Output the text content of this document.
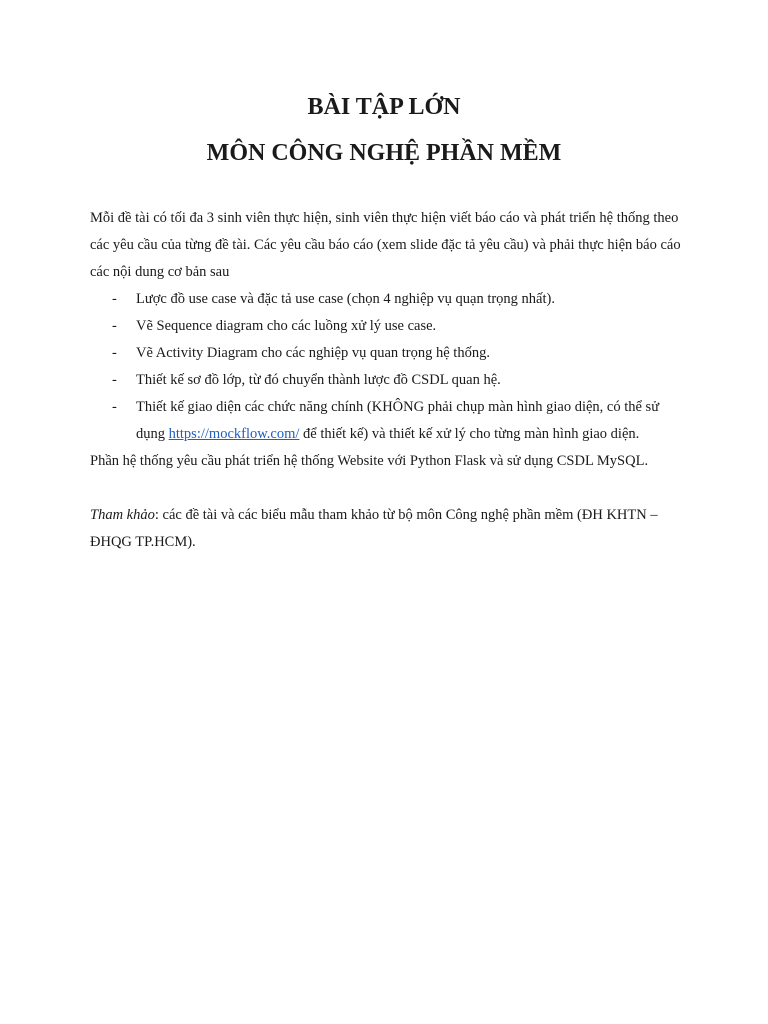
BÀI TẬP LỚN
MÔN CÔNG NGHỆ PHẦN MỀM

Mỗi đề tài có tối đa 3 sinh viên thực hiện, sinh viên thực hiện viết báo cáo và phát triển hệ thống theo các yêu cầu của từng đề tài. Các yêu cầu báo cáo (xem slide đặc tả yêu cầu) và phải thực hiện báo cáo các nội dung cơ bản sau

- Lược đồ use case và đặc tả use case (chọn 4 nghiệp vụ quạn trọng nhất).
- Vẽ Sequence diagram cho các luồng xử lý use case.
- Vẽ Activity Diagram cho các nghiệp vụ quan trọng hệ thống.
- Thiết kế sơ đồ lớp, từ đó chuyển thành lược đồ CSDL quan hệ.
- Thiết kế giao diện các chức năng chính (KHÔNG phải chụp màn hình giao diện, có thể sử dụng https://mockflow.com/ để thiết kế) và thiết kế xử lý cho từng màn hình giao diện.

Phần hệ thống yêu cầu phát triển hệ thống Website với Python Flask và sử dụng CSDL MySQL.

Tham khảo: các đề tài và các biểu mẫu tham khảo từ bộ môn Công nghệ phần mềm (ĐH KHTN – ĐHQG TP.HCM).
